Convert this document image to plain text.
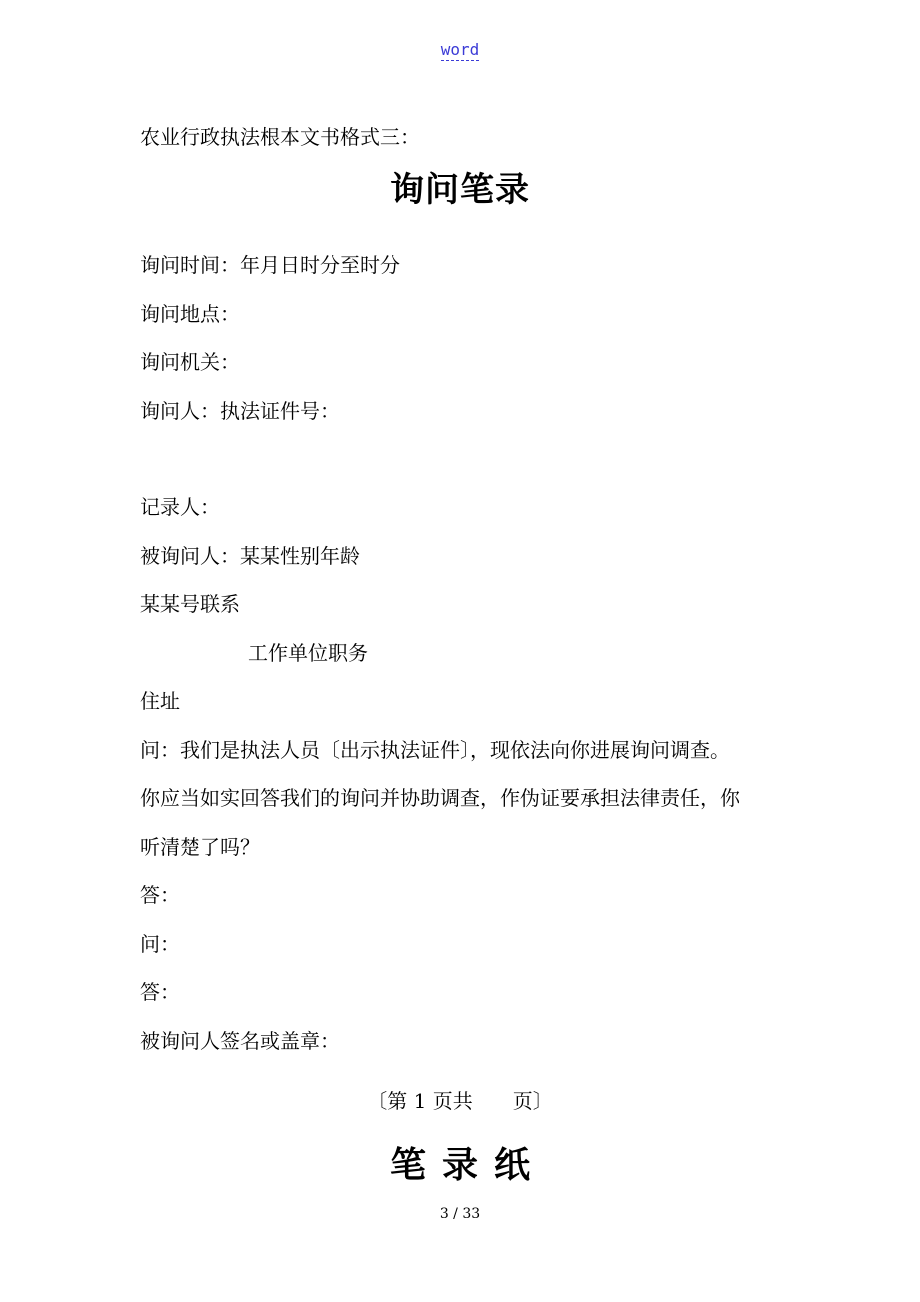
word
农业行政执法根本文书格式三：
询问笔录
询问时间：年月日时分至时分
询问地点：
询问机关：
询问人：执法证件号：
记录人：
被询问人：某某性别年龄
某某号联系
工作单位职务
住址
问：我们是执法人员〔出示执法证件〕，现依法向你进展询问调查。
你应当如实回答我们的询问并协助调查，作伪证要承担法律责任，你
听清楚了吗？
答：
问：
答：
被询问人签名或盖章：
〔第 1 页共　　页〕
笔录纸
3 / 33
